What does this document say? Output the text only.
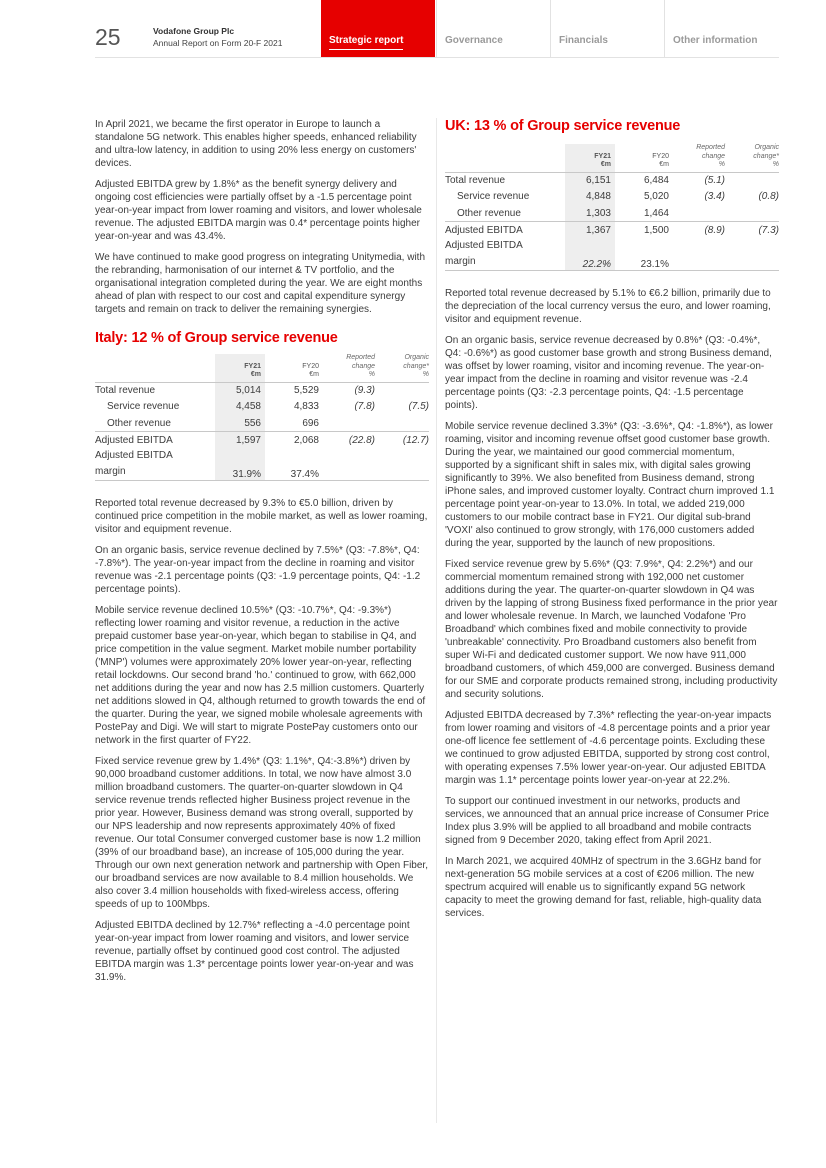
25	Vodafone Group Plc
Annual Report on Form 20-F 2021	Strategic report	Governance	Financials	Other information

In April 2021, we became the first operator in Europe to launch a standalone 5G network. This enables higher speeds, enhanced reliability and ultra-low latency, in addition to using 20% less energy on customers' devices.

Adjusted EBITDA grew by 1.8%* as the benefit synergy delivery and ongoing cost efficiencies were partially offset by a -1.5 percentage point year-on-year impact from lower roaming and visitors, and lower wholesale revenue. The adjusted EBITDA margin was 0.4* percentage points higher year-on-year and was 43.4%.

We have continued to make good progress on integrating Unitymedia, with the rebranding, harmonisation of our internet & TV portfolio, and the organisational integration completed during the year. We are eight months ahead of plan with respect to our cost and capital expenditure synergy targets and remain on track to deliver the remaining synergies.

Italy: 12 % of Group service revenue
	FY21
€m	FY20
€m	Reported
change
%	Organic
change*
%
Total revenue	5,014	5,529	(9.3)	
Service revenue	4,458	4,833	(7.8)	(7.5)
Other revenue	556	696		
Adjusted EBITDA	1,597	2,068	(22.8)	(12.7)
Adjusted EBITDA
margin	31.9%	37.4%		

Reported total revenue decreased by 9.3% to €5.0 billion, driven by continued price competition in the mobile market, as well as lower roaming, visitor and equipment revenue.

On an organic basis, service revenue declined by 7.5%* (Q3: -7.8%*, Q4: -7.8%*). The year-on-year impact from the decline in roaming and visitor revenue was -2.1 percentage points (Q3: -1.9 percentage points, Q4: -1.2 percentage points).

Mobile service revenue declined 10.5%* (Q3: -10.7%*, Q4: -9.3%*) reflecting lower roaming and visitor revenue, a reduction in the active prepaid customer base year-on-year, which began to stabilise in Q4, and price competition in the value segment. Market mobile number portability ('MNP') volumes were approximately 20% lower year-on-year, reflecting retail lockdowns. Our second brand 'ho.' continued to grow, with 662,000 net additions during the year and now has 2.5 million customers. Quarterly net additions slowed in Q4, although returned to growth towards the end of the quarter. During the year, we signed mobile wholesale agreements with PostePay and Digi. We will start to migrate PostePay customers onto our network in the first quarter of FY22.

Fixed service revenue grew by 1.4%* (Q3: 1.1%*, Q4:-3.8%*) driven by 90,000 broadband customer additions. In total, we now have almost 3.0 million broadband customers. The quarter-on-quarter slowdown in Q4 service revenue trends reflected higher Business project revenue in the prior year. However, Business demand was strong overall, supported by our NPS leadership and now represents approximately 40% of fixed revenue. Our total Consumer converged customer base is now 1.2 million (39% of our broadband base), an increase of 105,000 during the year. Through our own next generation network and partnership with Open Fiber, our broadband services are now available to 8.4 million households. We also cover 3.4 million households with fixed-wireless access, offering speeds of up to 100Mbps.

Adjusted EBITDA declined by 12.7%* reflecting a -4.0 percentage point year-on-year impact from lower roaming and visitors, and lower service revenue, partially offset by continued good cost control. The adjusted EBITDA margin was 1.3* percentage points lower year-on-year and was 31.9%.

UK: 13 % of Group service revenue
	FY21
€m	FY20
€m	Reported
change
%	Organic
change*
%
Total revenue	6,151	6,484	(5.1)	
Service revenue	4,848	5,020	(3.4)	(0.8)
Other revenue	1,303	1,464		
Adjusted EBITDA	1,367	1,500	(8.9)	(7.3)
Adjusted EBITDA
margin	22.2%	23.1%		

Reported total revenue decreased by 5.1% to €6.2 billion, primarily due to the depreciation of the local currency versus the euro, and lower roaming, visitor and equipment revenue.

On an organic basis, service revenue decreased by 0.8%* (Q3: -0.4%*, Q4: -0.6%*) as good customer base growth and strong Business demand, was offset by lower roaming, visitor and incoming revenue. The year-on-year impact from the decline in roaming and visitor revenue was -2.4 percentage points (Q3: -2.3 percentage points, Q4: -1.5 percentage points).

Mobile service revenue declined 3.3%* (Q3: -3.6%*, Q4: -1.8%*), as lower roaming, visitor and incoming revenue offset good customer base growth. During the year, we maintained our good commercial momentum, supported by a significant shift in sales mix, with digital sales growing significantly to 39%. We also benefited from Business demand, strong iPhone sales, and improved customer loyalty. Contract churn improved 1.1 percentage point year-on-year to 13.0%. In total, we added 219,000 customers to our mobile contract base in FY21. Our digital sub-brand 'VOXI' also continued to grow strongly, with 176,000 customers added during the year, supported by the launch of new propositions.

Fixed service revenue grew by 5.6%* (Q3: 7.9%*, Q4: 2.2%*) and our commercial momentum remained strong with 192,000 net customer additions during the year. The quarter-on-quarter slowdown in Q4 was driven by the lapping of strong Business fixed performance in the prior year and lower wholesale revenue. In March, we launched Vodafone 'Pro Broadband' which combines fixed and mobile connectivity to provide 'unbreakable' connectivity. Pro Broadband customers also benefit from super Wi-Fi and dedicated customer support. We now have 911,000 broadband customers, of which 459,000 are converged. Business demand for our SME and corporate products remained strong, including productivity and security solutions.

Adjusted EBITDA decreased by 7.3%* reflecting the year-on-year impacts from lower roaming and visitors of -4.8 percentage points and a prior year one-off licence fee settlement of -4.6 percentage points. Excluding these we continued to grow adjusted EBITDA, supported by strong cost control, with operating expenses 7.5% lower year-on-year. Our adjusted EBITDA margin was 1.1* percentage points lower year-on-year at 22.2%.

To support our continued investment in our networks, products and services, we announced that an annual price increase of Consumer Price Index plus 3.9% will be applied to all broadband and mobile contracts signed from 9 December 2020, taking effect from April 2021.

In March 2021, we acquired 40MHz of spectrum in the 3.6GHz band for next-generation 5G mobile services at a cost of €206 million. The new spectrum acquired will enable us to significantly expand 5G network capacity to meet the growing demand for fast, reliable, high-quality data services.
